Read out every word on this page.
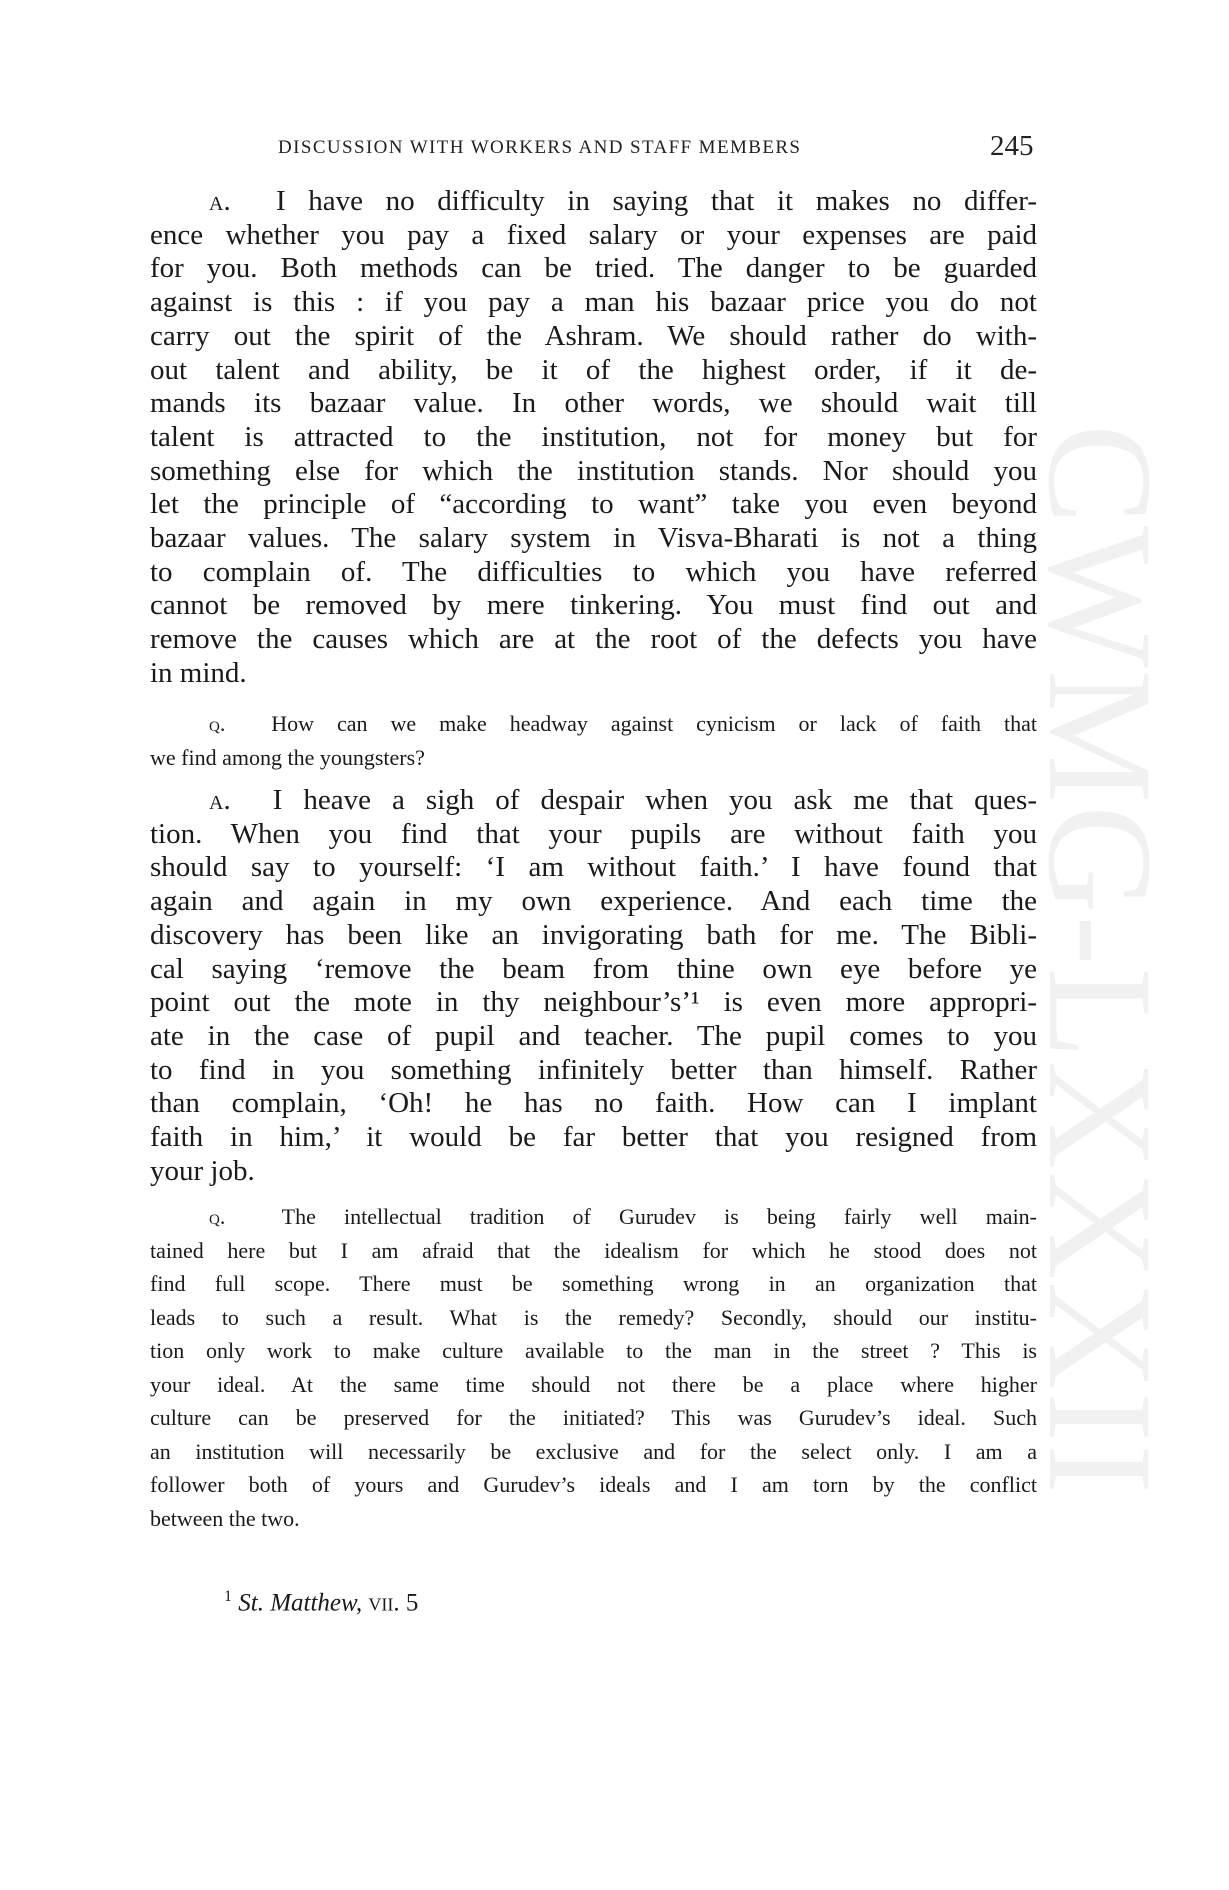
CWMG-LXXXII
DISCUSSION WITH WORKERS AND STAFF MEMBERS	245
a. I have no difficulty in saying that it makes no differ-
ence whether you pay a fixed salary or your expenses are paid
for you. Both methods can be tried. The danger to be guarded
against is this : if you pay a man his bazaar price you do not
carry out the spirit of the Ashram. We should rather do with-
out talent and ability, be it of the highest order, if it de-
mands its bazaar value. In other words, we should wait till
talent is attracted to the institution, not for money but for
something else for which the institution stands. Nor should you
let the principle of “according to want” take you even beyond
bazaar values. The salary system in Visva-Bharati is not a thing
to complain of. The difficulties to which you have referred
cannot be removed by mere tinkering. You must find out and
remove the causes which are at the root of the defects you have
in mind.
q. How can we make headway against cynicism or lack of faith that
we find among the youngsters?
a. I heave a sigh of despair when you ask me that ques-
tion. When you find that your pupils are without faith you
should say to yourself: ‘I am without faith.’ I have found that
again and again in my own experience. And each time the
discovery has been like an invigorating bath for me. The Bibli-
cal saying ‘remove the beam from thine own eye before ye
point out the mote in thy neighbour’s’¹ is even more appropri-
ate in the case of pupil and teacher. The pupil comes to you
to find in you something infinitely better than himself. Rather
than complain, ‘Oh! he has no faith. How can I implant
faith in him,’ it would be far better that you resigned from
your job.
q.	The intellectual tradition of Gurudev is being fairly well main-
tained here but I am afraid that the idealism for which he stood does not
find full scope. There must be something wrong in an organization that
leads to such a result. What is the remedy? Secondly, should our institu-
tion only work to make culture available to the man in the street ? This is
your ideal. At the same time should not there be a place where higher
culture can be preserved for the initiated? This was Gurudev’s ideal. Such
an institution will necessarily be exclusive and for the select only. I am a
follower both of yours and Gurudev’s ideals and I am torn by the conflict
between the two.
$^1$ St. Matthew, vii. 5
